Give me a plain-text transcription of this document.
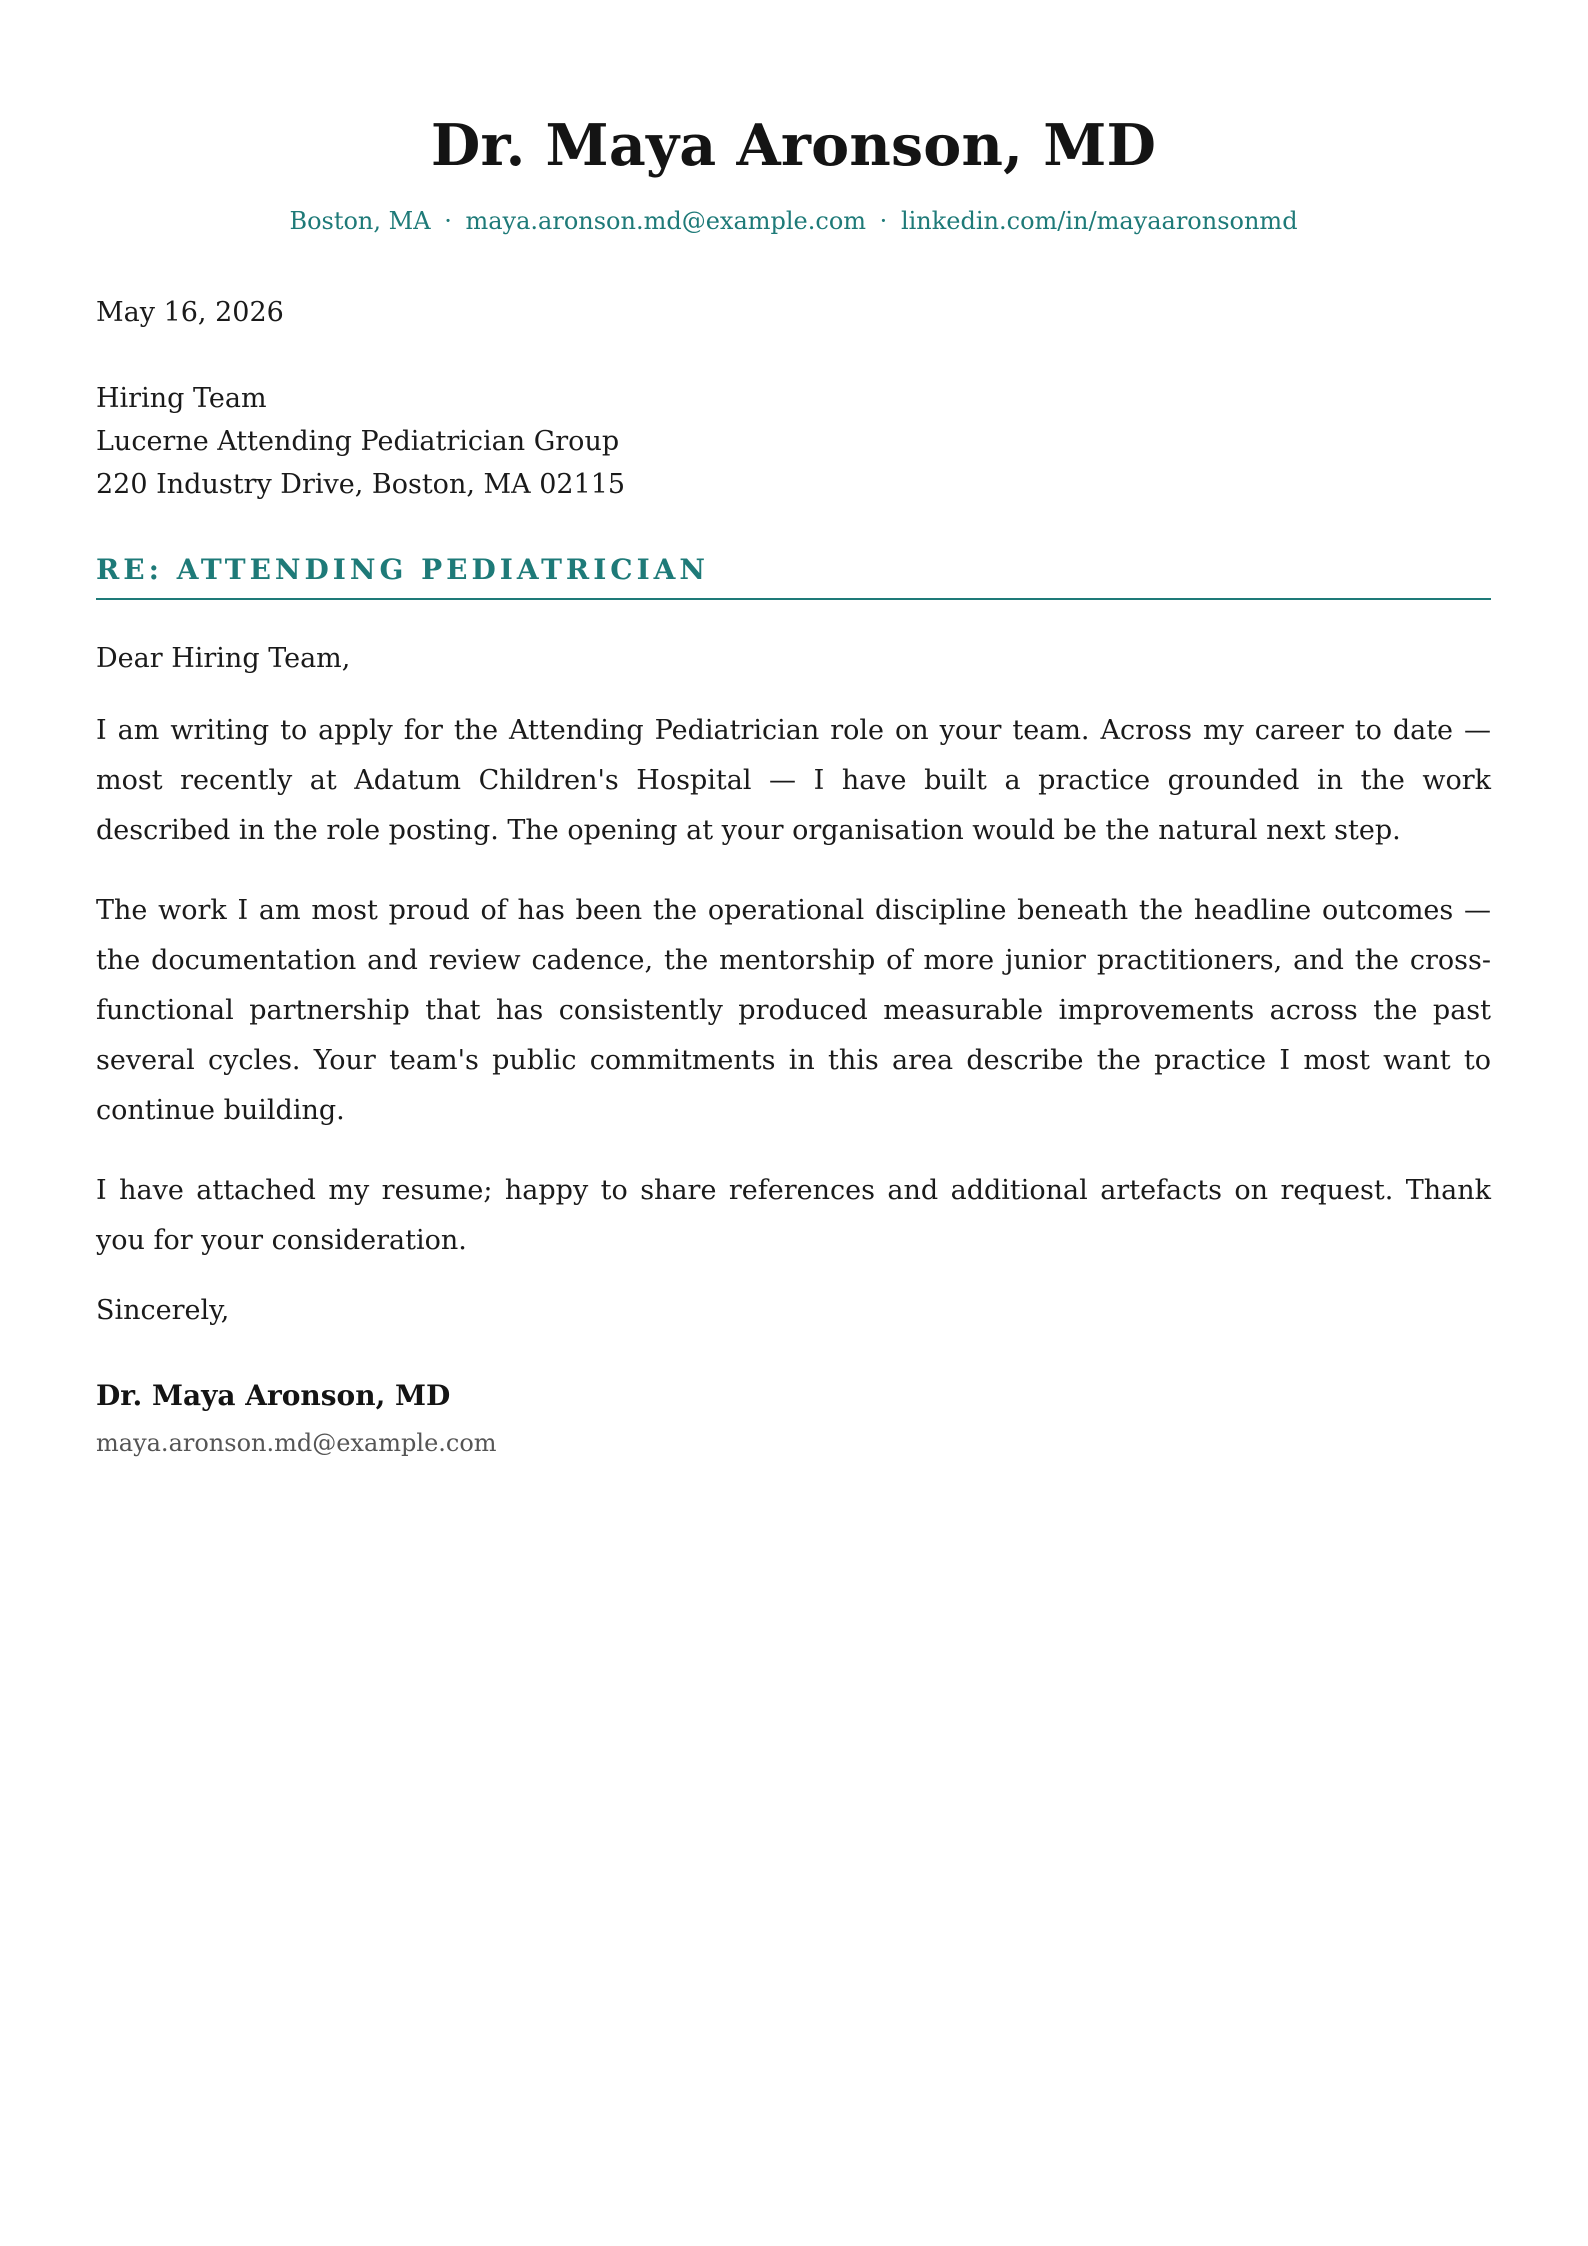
Dr. Maya Aronson, MD
Boston, MA · maya.aronson.md@example.com · linkedin.com/in/mayaaronsonmd
May 16, 2026
Hiring Team
Lucerne Attending Pediatrician Group
220 Industry Drive, Boston, MA 02115
RE: ATTENDING PEDIATRICIAN
Dear Hiring Team,

I am writing to apply for the Attending Pediatrician role on your team. Across my career to date — most recently at Adatum Children's Hospital — I have built a practice grounded in the work described in the role posting. The opening at your organisation would be the natural next step.

The work I am most proud of has been the operational discipline beneath the headline outcomes — the documentation and review cadence, the mentorship of more junior practitioners, and the cross-functional partnership that has consistently produced measurable improvements across the past several cycles. Your team's public commitments in this area describe the practice I most want to continue building.

I have attached my resume; happy to share references and additional artefacts on request. Thank you for your consideration.

Sincerely,
Dr. Maya Aronson, MD
maya.aronson.md@example.com
